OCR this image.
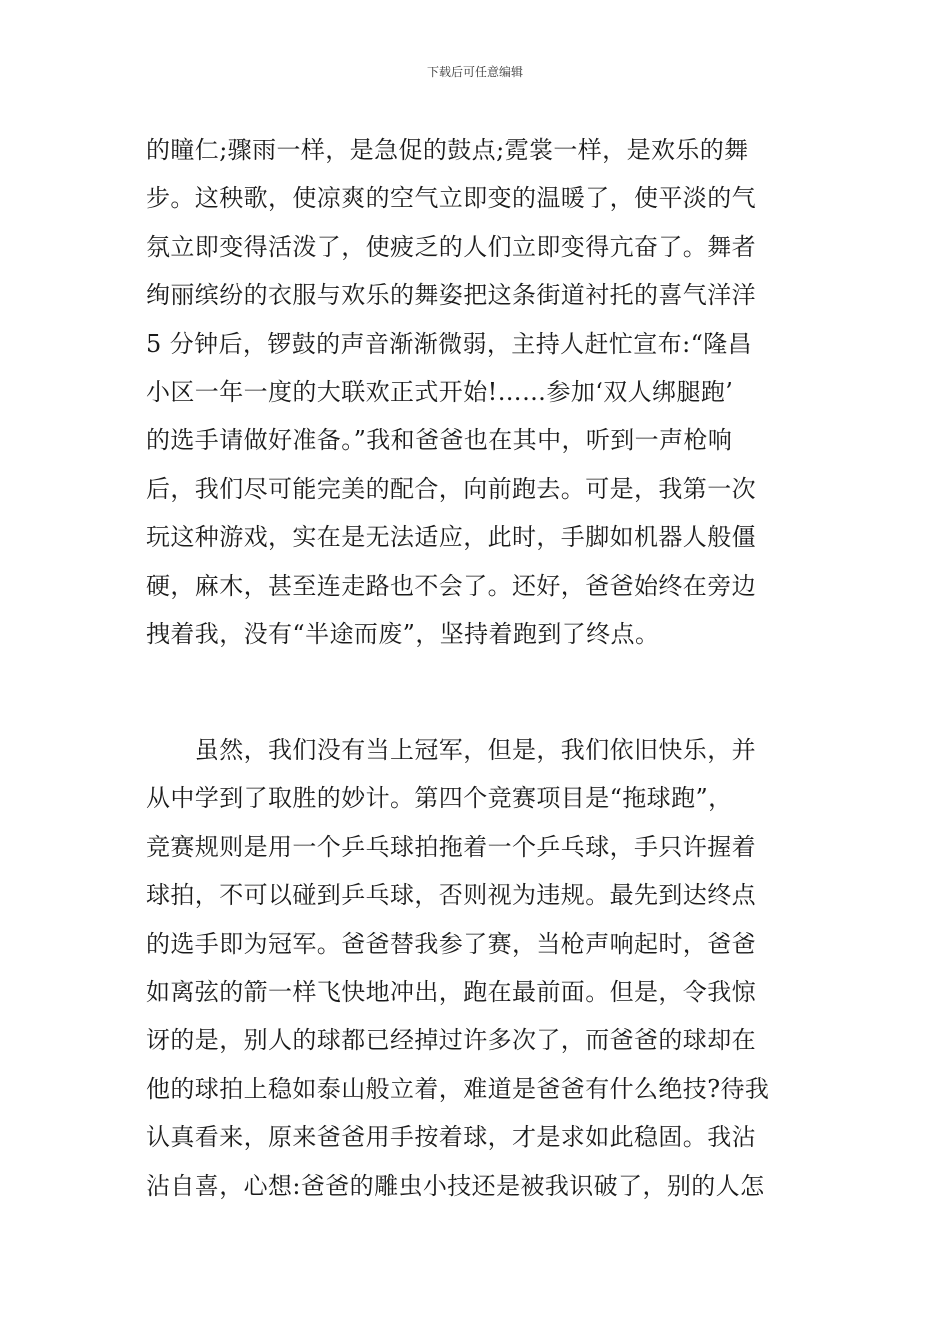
下载后可任意编辑
的瞳仁;骤雨一样，是急促的鼓点;霓裳一样，是欢乐的舞
步。这秧歌，使凉爽的空气立即变的温暖了，使平淡的气
氛立即变得活泼了，使疲乏的人们立即变得亢奋了。舞者
绚丽缤纷的衣服与欢乐的舞姿把这条街道衬托的喜气洋洋
5 分钟后，锣鼓的声音渐渐微弱，主持人赶忙宣布:“隆昌
小区一年一度的大联欢正式开始!……参加‘双人绑腿跑’
的选手请做好准备。”我和爸爸也在其中，听到一声枪响
后，我们尽可能完美的配合，向前跑去。可是，我第一次
玩这种游戏，实在是无法适应，此时，手脚如机器人般僵
硬，麻木，甚至连走路也不会了。还好，爸爸始终在旁边
拽着我，没有“半途而废”，坚持着跑到了终点。
　　虽然，我们没有当上冠军，但是，我们依旧快乐，并
从中学到了取胜的妙计。第四个竞赛项目是“拖球跑”，
竞赛规则是用一个乒乓球拍拖着一个乒乓球，手只许握着
球拍，不可以碰到乒乓球，否则视为违规。最先到达终点
的选手即为冠军。爸爸替我参了赛，当枪声响起时，爸爸
如离弦的箭一样飞快地冲出，跑在最前面。但是，令我惊
讶的是，别人的球都已经掉过许多次了，而爸爸的球却在
他的球拍上稳如泰山般立着，难道是爸爸有什么绝技?待我
认真看来，原来爸爸用手按着球，才是求如此稳固。我沾
沾自喜，心想:爸爸的雕虫小技还是被我识破了，别的人怎
